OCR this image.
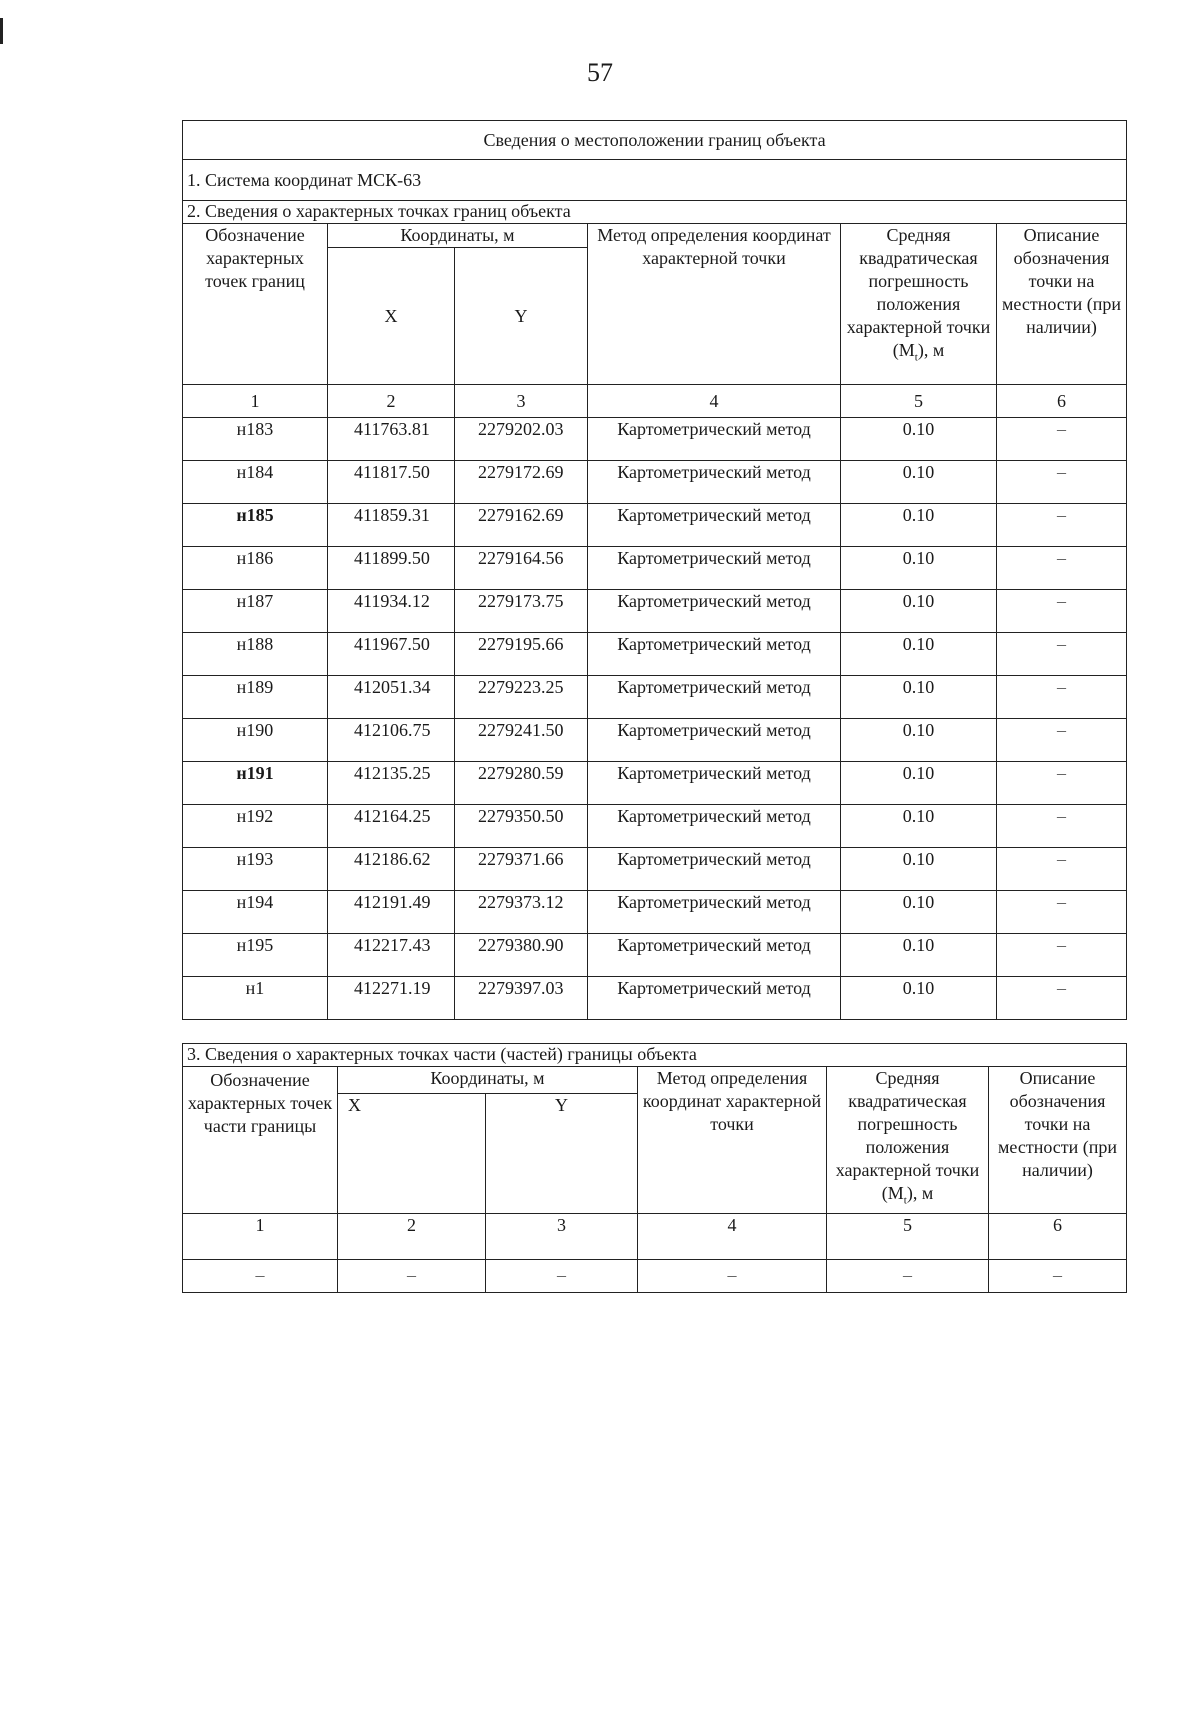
57
Сведения о местоположении границ объекта					
1. Система координат МСК-63					
2. Сведения о характерных точках границ объекта					
Обозначение характерных точек границ	Координаты, м		Метод определения координат характерной точки	Средняя квадратическая погрешность положения характерной точки $(M_t)$, м	Описание обозначения точки на местности (при наличии)
	X	Y			
1	2	3	4	5	6
н183	411763.81	2279202.03	Картометрический метод	0.10	–
н184	411817.50	2279172.69	Картометрический метод	0.10	–
н185	411859.31	2279162.69	Картометрический метод	0.10	–
н186	411899.50	2279164.56	Картометрический метод	0.10	–
н187	411934.12	2279173.75	Картометрический метод	0.10	–
н188	411967.50	2279195.66	Картометрический метод	0.10	–
н189	412051.34	2279223.25	Картометрический метод	0.10	–
н190	412106.75	2279241.50	Картометрический метод	0.10	–
н191	412135.25	2279280.59	Картометрический метод	0.10	–
н192	412164.25	2279350.50	Картометрический метод	0.10	–
н193	412186.62	2279371.66	Картометрический метод	0.10	–
н194	412191.49	2279373.12	Картометрический метод	0.10	–
н195	412217.43	2279380.90	Картометрический метод	0.10	–
н1	412271.19	2279397.03	Картометрический метод	0.10	–
3. Сведения о характерных точках части (частей) границы объекта					
Обозначение характерных точек части границы	Координаты, м		Метод определения координат характерной точки	Средняя квадратическая погрешность положения характерной точки $(M_t)$, м	Описание обозначения точки на местности (при наличии)
	X	Y			
1	2	3	4	5	6
–	–	–	–	–	–
